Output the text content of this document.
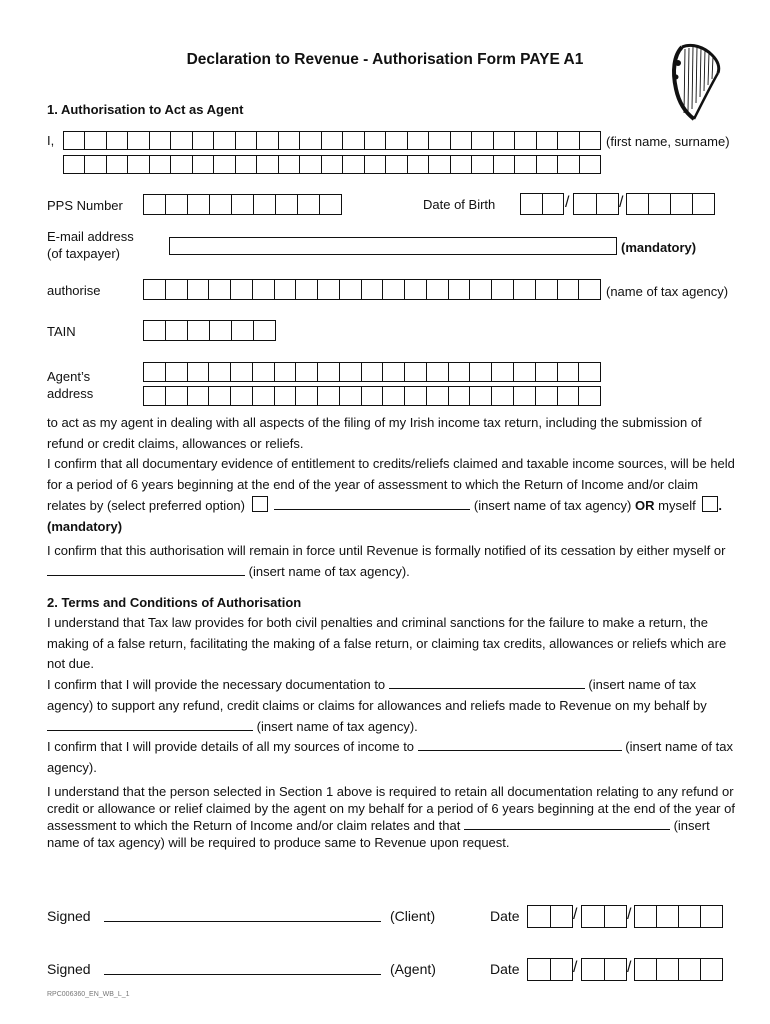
Declaration to Revenue - Authorisation Form PAYE A1
1. Authorisation to Act as Agent
I,	(first name, surname)
PPS Number	Date of Birth	/	/
E-mail address
(of taxpayer)	(mandatory)
authorise	(name of tax agency)
TAIN
Agent’s
address

to act as my agent in dealing with all aspects of the filing of my Irish income tax return, including the submission of refund or credit claims, allowances or reliefs.

I confirm that all documentary evidence of entitlement to credits/reliefs claimed and taxable income sources, will be held for a period of 6 years beginning at the end of the year of assessment to which the Return of Income and/or claim relates by (select preferred option)	(insert name of tax agency) OR myself . (mandatory)

I confirm that this authorisation will remain in force until Revenue is formally notified of its cessation by either myself or  (insert name of tax agency).

2. Terms and Conditions of Authorisation

I understand that Tax law provides for both civil penalties and criminal sanctions for the failure to make a return, the making of a false return, facilitating the making of a false return, or claiming tax credits, allowances or reliefs which are not due.

I confirm that I will provide the necessary documentation to	(insert name of tax agency) to support any refund, credit claims or claims for allowances and reliefs made to Revenue on my behalf by  (insert name of tax agency).

I confirm that I will provide details of all my sources of income to	(insert name of tax agency).

I understand that the person selected in Section 1 above is required to retain all documentation relating to any refund or credit or allowance or relief claimed by the agent on my behalf for a period of 6 years beginning at the end of the year of assessment to which the Return of Income and/or claim relates and that	(insert name of tax agency) will be required to produce same to Revenue upon request.

Signed	(Client)	Date	/	/
Signed	(Agent)	Date	/	/
RPC006360_EN_WB_L_1
